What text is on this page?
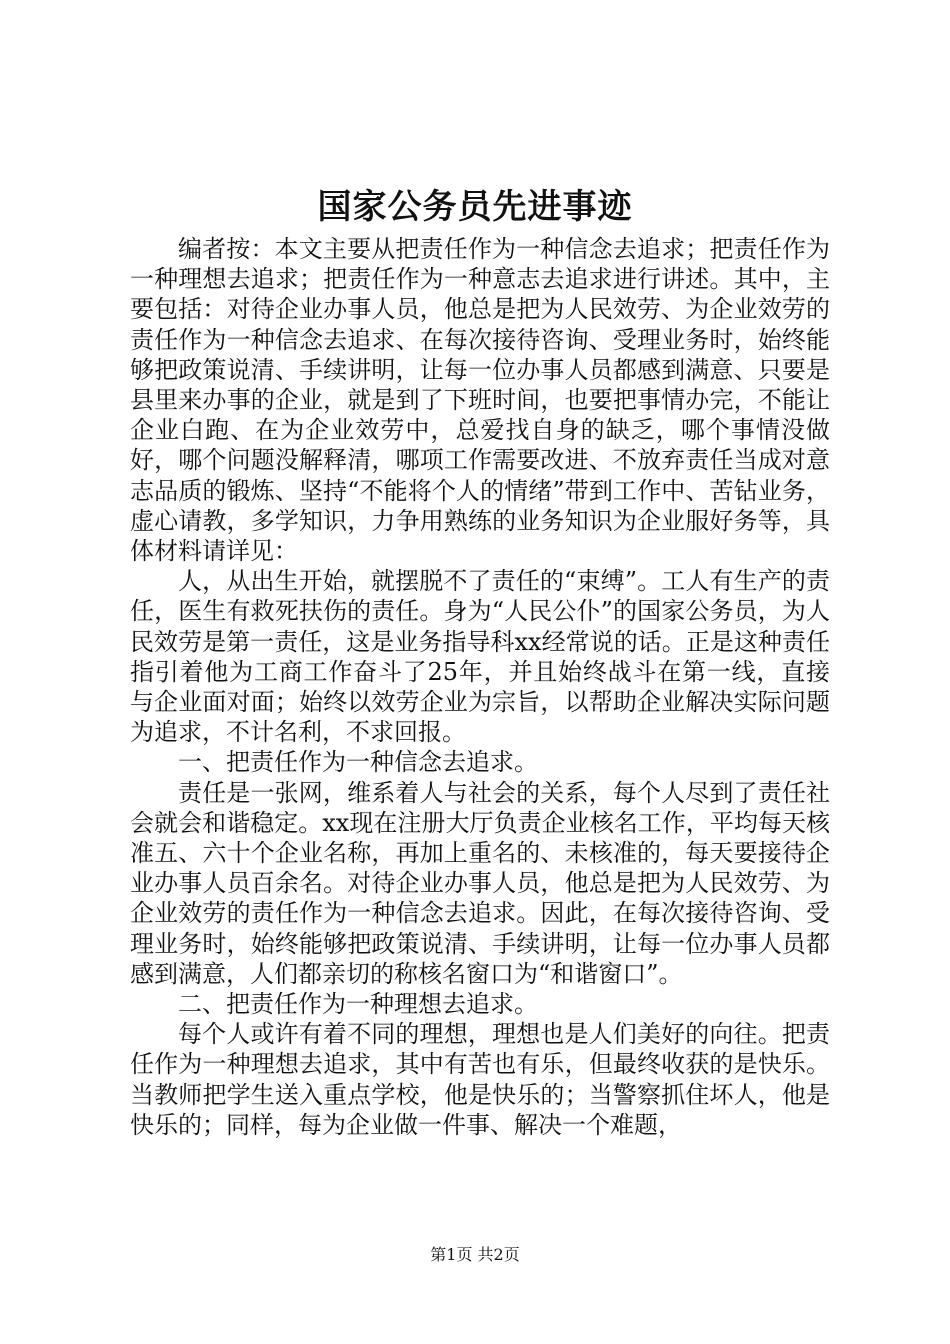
国家公务员先进事迹

编者按：本文主要从把责任作为一种信念去追求；把责任作为一种理想去追求；把责任作为一种意志去追求进行讲述。其中，主要包括：对待企业办事人员，他总是把为人民效劳、为企业效劳的责任作为一种信念去追求、在每次接待咨询、受理业务时，始终能够把政策说清、手续讲明，让每一位办事人员都感到满意、只要是县里来办事的企业，就是到了下班时间，也要把事情办完，不能让企业白跑、在为企业效劳中，总爱找自身的缺乏，哪个事情没做好，哪个问题没解释清，哪项工作需要改进、不放弃责任当成对意志品质的锻炼、坚持“不能将个人的情绪”带到工作中、苦钻业务，虚心请教，多学知识，力争用熟练的业务知识为企业服好务等，具体材料请详见：

人，从出生开始，就摆脱不了责任的“束缚”。工人有生产的责任，医生有救死扶伤的责任。身为“人民公仆”的国家公务员，为人民效劳是第一责任，这是业务指导科xx经常说的话。正是这种责任指引着他为工商工作奋斗了25年，并且始终战斗在第一线，直接与企业面对面；始终以效劳企业为宗旨，以帮助企业解决实际问题为追求，不计名利，不求回报。

一、把责任作为一种信念去追求。

责任是一张网，维系着人与社会的关系，每个人尽到了责任社会就会和谐稳定。xx现在注册大厅负责企业核名工作，平均每天核准五、六十个企业名称，再加上重名的、未核准的，每天要接待企业办事人员百余名。对待企业办事人员，他总是把为人民效劳、为企业效劳的责任作为一种信念去追求。因此，在每次接待咨询、受理业务时，始终能够把政策说清、手续讲明，让每一位办事人员都感到满意，人们都亲切的称核名窗口为“和谐窗口”。

二、把责任作为一种理想去追求。

每个人或许有着不同的理想，理想也是人们美好的向往。把责任作为一种理想去追求，其中有苦也有乐，但最终收获的是快乐。当教师把学生送入重点学校，他是快乐的；当警察抓住坏人，他是快乐的；同样，每为企业做一件事、解决一个难题，

第1页 共2页
